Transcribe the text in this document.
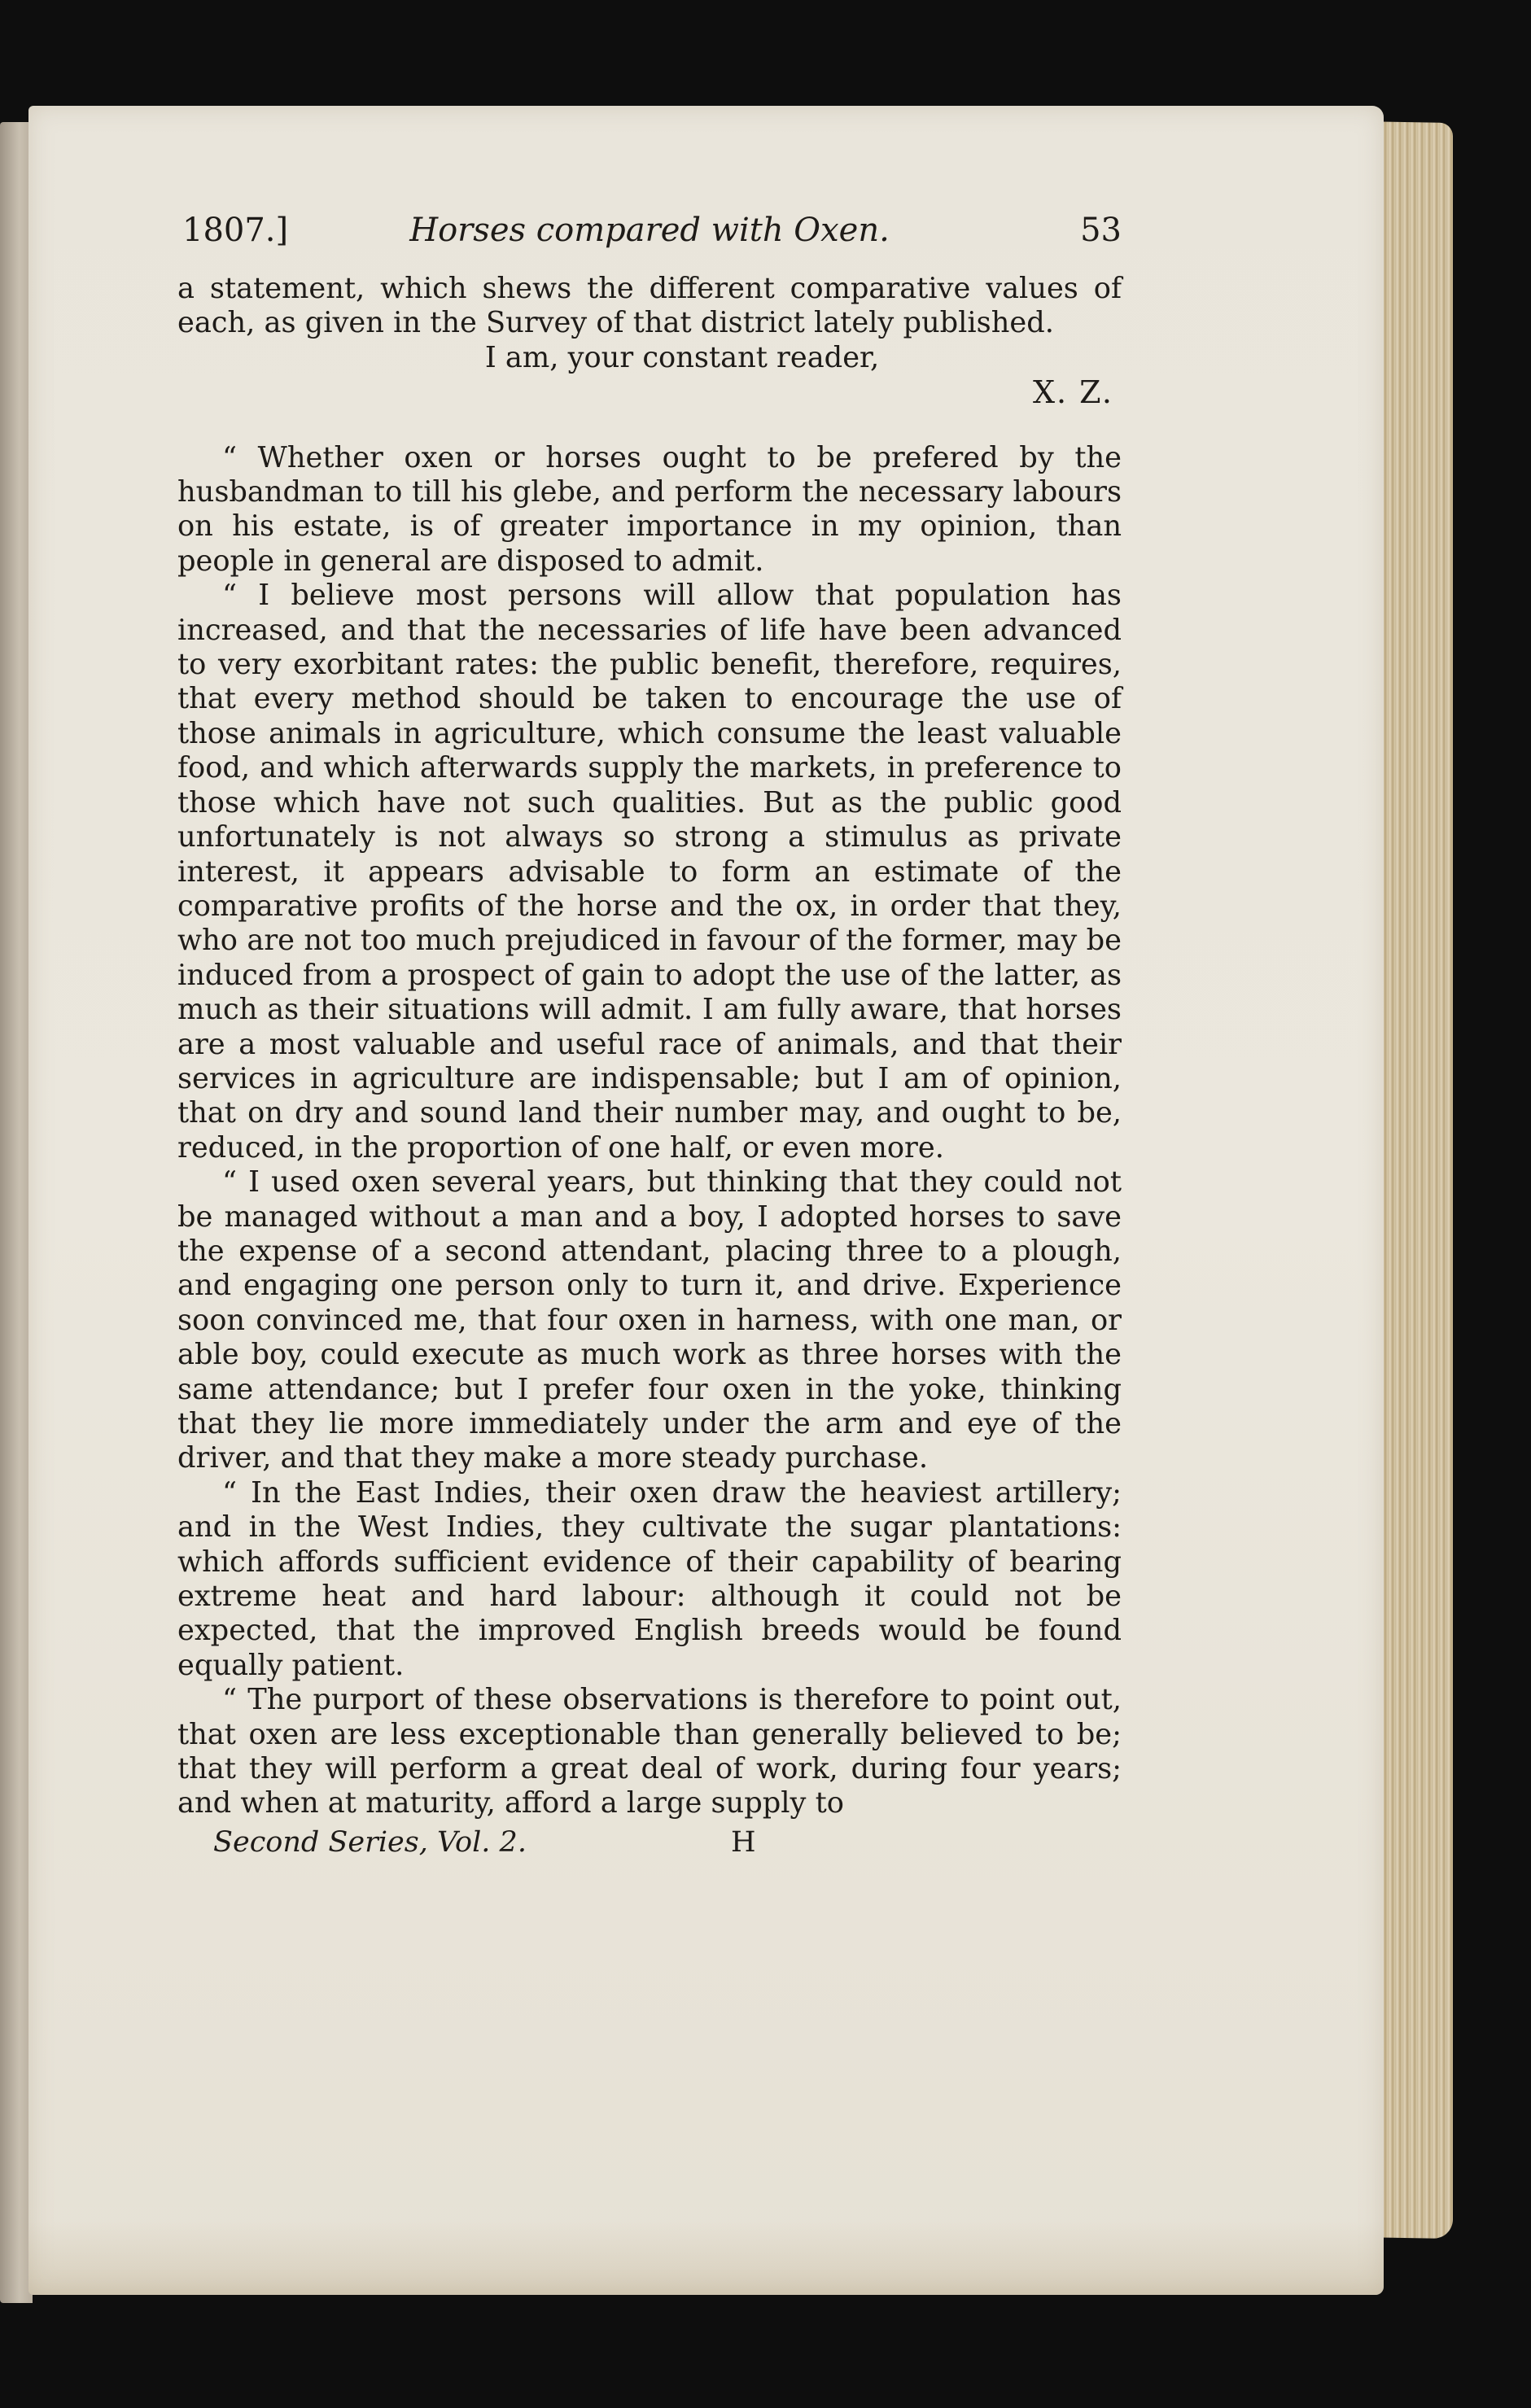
1807.]	Horses compared with Oxen.	53

a statement, which shews the different comparative values of each, as given in the Survey of that district lately published.

I am, your constant reader,

X. Z.

“ Whether oxen or horses ought to be prefered by the husbandman to till his glebe, and perform the necessary labours on his estate, is of greater importance in my opinion, than people in general are disposed to admit.

“ I believe most persons will allow that population has increased, and that the necessaries of life have been advanced to very exorbitant rates: the public benefit, therefore, requires, that every method should be taken to encourage the use of those animals in agriculture, which consume the least valuable food, and which afterwards supply the markets, in preference to those which have not such qualities. But as the public good unfortunately is not always so strong a stimulus as private interest, it appears advisable to form an estimate of the comparative profits of the horse and the ox, in order that they, who are not too much prejudiced in favour of the former, may be induced from a prospect of gain to adopt the use of the latter, as much as their situations will admit. I am fully aware, that horses are a most valuable and useful race of animals, and that their services in agriculture are indispensable; but I am of opinion, that on dry and sound land their number may, and ought to be, reduced, in the proportion of one half, or even more.

“ I used oxen several years, but thinking that they could not be managed without a man and a boy, I adopted horses to save the expense of a second attendant, placing three to a plough, and engaging one person only to turn it, and drive. Experience soon convinced me, that four oxen in harness, with one man, or able boy, could execute as much work as three horses with the same attendance; but I prefer four oxen in the yoke, thinking that they lie more immediately under the arm and eye of the driver, and that they make a more steady purchase.

“ In the East Indies, their oxen draw the heaviest artillery; and in the West Indies, they cultivate the sugar plantations: which affords sufficient evidence of their capability of bearing extreme heat and hard labour: although it could not be expected, that the improved English breeds would be found equally patient.

“ The purport of these observations is therefore to point out, that oxen are less exceptionable than generally believed to be; that they will perform a great deal of work, during four years; and when at maturity, afford a large supply to

Second Series, Vol. 2.	H
